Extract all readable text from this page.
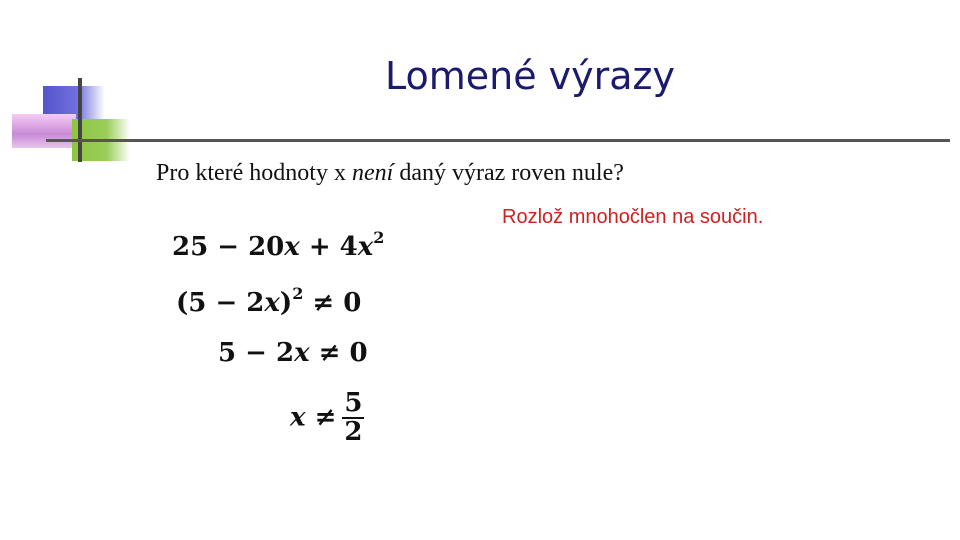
Lomené výrazy
Pro které hodnoty x není daný výraz roven nule?
Rozlož mnohočlen na součin.
$25 - 20x + 4x^2$
$(5 - 2x)^2 \ne 0$
5 − 2x ≠ 0
$x \ne \frac{5}{2}$
